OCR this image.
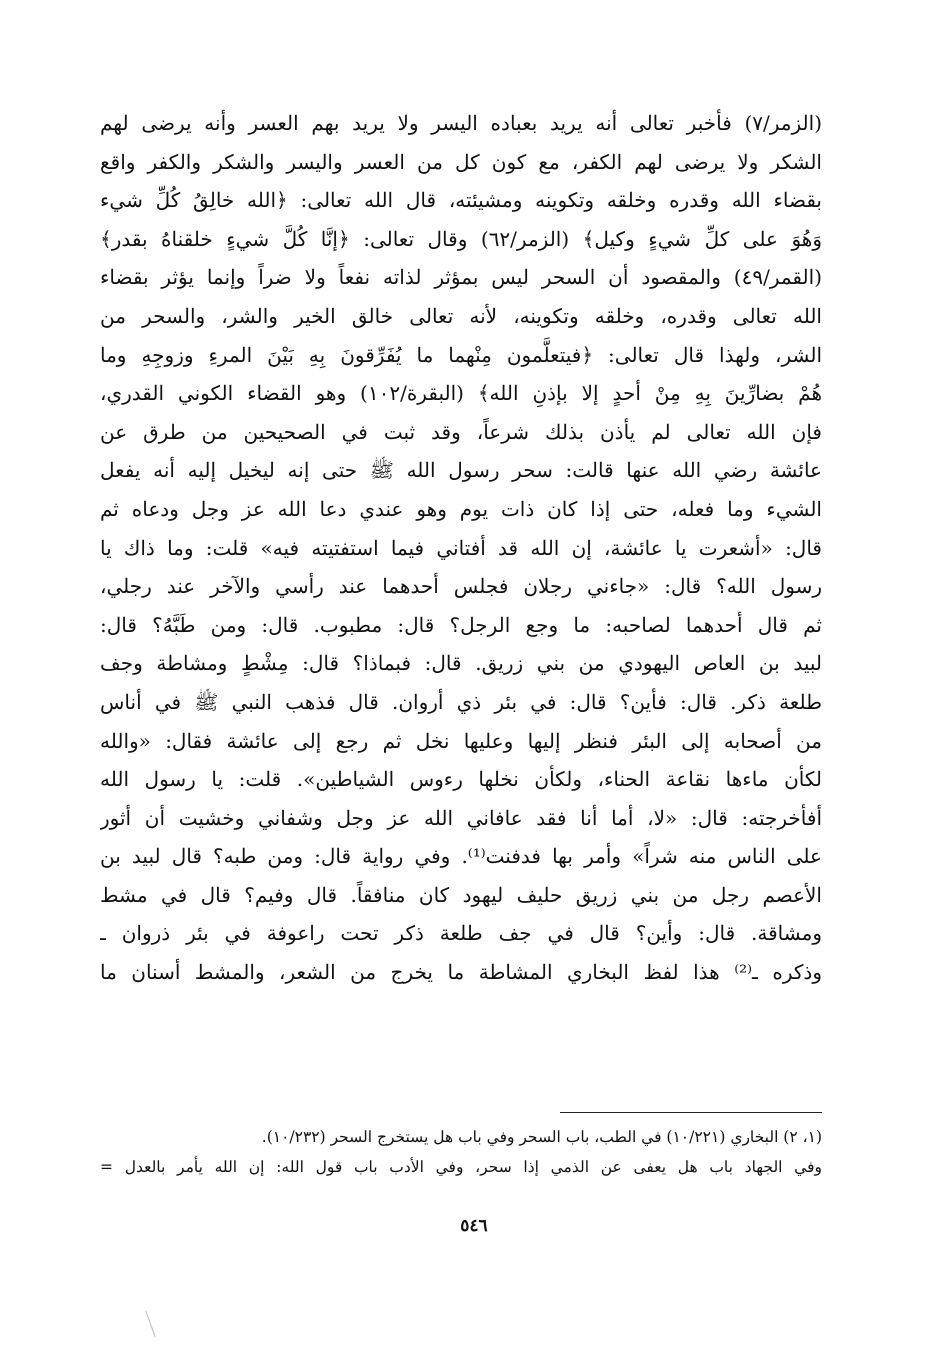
(الزمر/٧) فأخبر تعالى أنه يريد بعباده اليسر ولا يريد بهم العسر وأنه يرضى لهم
الشكر ولا يرضى لهم الكفر، مع كون كل من العسر واليسر والشكر والكفر واقع
بقضاء الله وقدره وخلقه وتكوينه ومشيئته، قال الله تعالى: ﴿الله خالِقُ كُلِّ شيء
وَهُوَ على كلِّ شيءٍ وكيل﴾ (الزمر/٦٢) وقال تعالى: ﴿إنَّا كُلَّ شيءٍ خلقناهُ بقدر﴾
(القمر/٤٩) والمقصود أن السحر ليس بمؤثر لذاته نفعاً ولا ضراً وإنما يؤثر بقضاء
الله تعالى وقدره، وخلقه وتكوينه، لأنه تعالى خالق الخير والشر، والسحر من
الشر، ولهذا قال تعالى: ﴿فيتعلَّمون مِنْهما ما يُفَرِّقونَ بِهِ بَيْنَ المرءِ وزوجِهِ وما
هُمْ بضارِّينَ بِهِ مِنْ أحدٍ إلا بإذنِ الله﴾ (البقرة/١٠٢) وهو القضاء الكوني القدري،
فإن الله تعالى لم يأذن بذلك شرعاً، وقد ثبت في الصحيحين من طرق عن
عائشة رضي الله عنها قالت: سحر رسول الله ﷺ حتى إنه ليخيل إليه أنه يفعل
الشيء وما فعله، حتى إذا كان ذات يوم وهو عندي دعا الله عز وجل ودعاه ثم
قال: «أشعرت يا عائشة، إن الله قد أفتاني فيما استفتيته فيه» قلت: وما ذاك يا
رسول الله؟ قال: «جاءني رجلان فجلس أحدهما عند رأسي والآخر عند رجلي،
ثم قال أحدهما لصاحبه: ما وجع الرجل؟ قال: مطبوب. قال: ومن طَبَّهُ؟ قال:
لبيد بن العاص اليهودي من بني زريق. قال: فبماذا؟ قال: مِشْطٍ ومشاطة وجف
طلعة ذكر. قال: فأين؟ قال: في بئر ذي أروان. قال فذهب النبي ﷺ في أناس
من أصحابه إلى البئر فنظر إليها وعليها نخل ثم رجع إلى عائشة فقال: «والله
لكأن ماءها نقاعة الحناء، ولكأن نخلها رءوس الشياطين». قلت: يا رسول الله
أفأخرجته: قال: «لا، أما أنا فقد عافاني الله عز وجل وشفاني وخشيت أن أثور
على الناس منه شراً» وأمر بها فدفنت⁽¹⁾. وفي رواية قال: ومن طبه؟ قال لبيد بن
الأعصم رجل من بني زريق حليف ليهود كان منافقاً. قال وفيم؟ قال في مشط
ومشاقة. قال: وأين؟ قال في جف طلعة ذكر تحت راعوفة في بئر ذروان ـ
وذكره ـ⁽²⁾ هذا لفظ البخاري المشاطة ما يخرج من الشعر، والمشط أسنان ما
(١، ٢) البخاري (١٠/٢٢١) في الطب، باب السحر وفي باب هل يستخرج السحر (١٠/٢٣٢).
وفي الجهاد باب هل يعفى عن الذمي إذا سحر، وفي الأدب باب قول الله: إن الله يأمر بالعدل =
٥٤٦
